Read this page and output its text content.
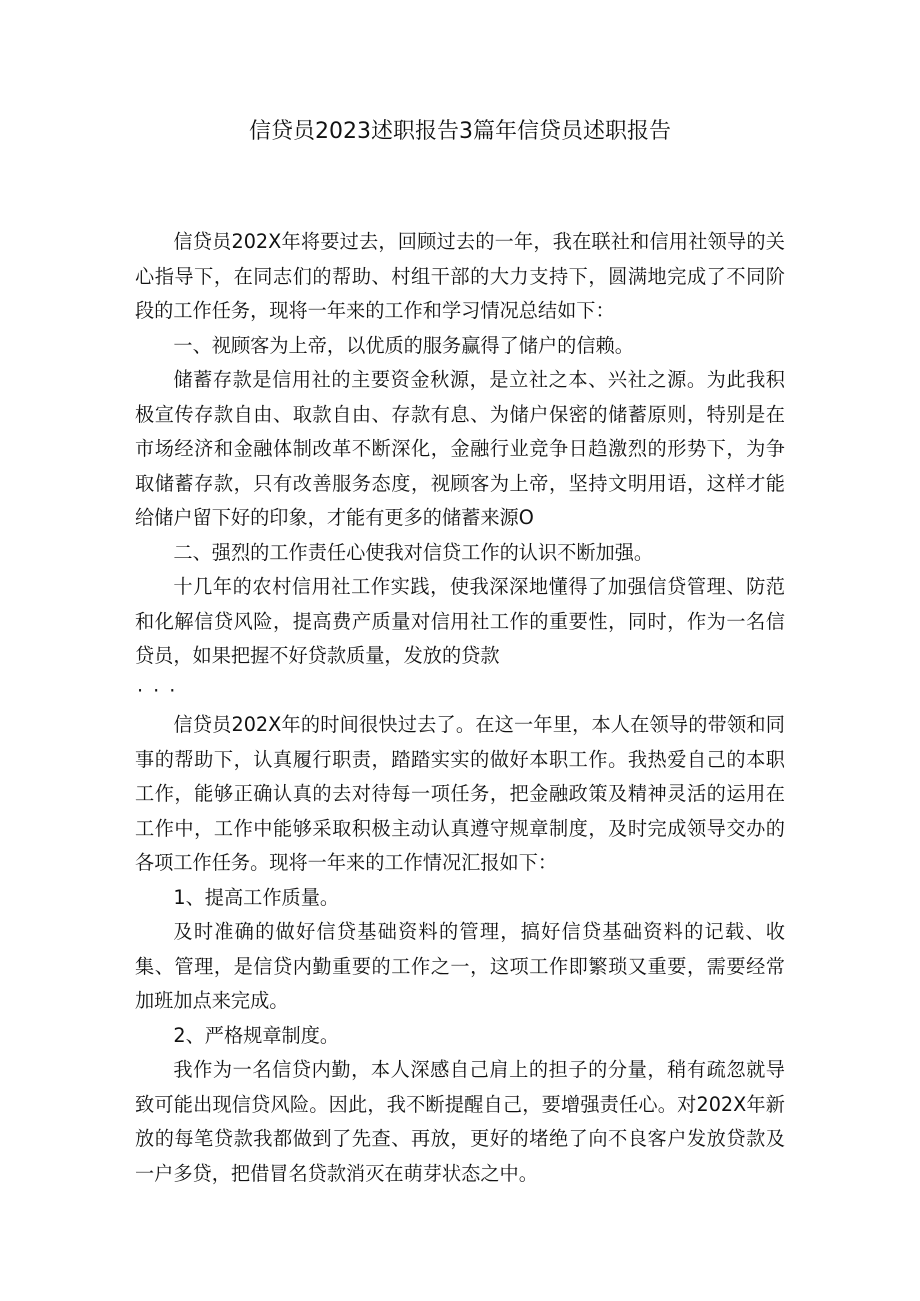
信贷员2023述职报告3篇年信贷员述职报告

信贷员202X年将要过去，回顾过去的一年，我在联社和信用社领导的关心指导下，在同志们的帮助、村组干部的大力支持下，圆满地完成了不同阶段的工作任务，现将一年来的工作和学习情况总结如下：

一、视顾客为上帝，以优质的服务赢得了储户的信赖。

储蓄存款是信用社的主要资金秋源，是立社之本、兴社之源。为此我积极宣传存款自由、取款自由、存款有息、为储户保密的储蓄原则，特别是在市场经济和金融体制改革不断深化，金融行业竞争日趋激烈的形势下，为争取储蓄存款，只有改善服务态度，视顾客为上帝，坚持文明用语，这样才能给储户留下好的印象，才能有更多的储蓄来源O

二、强烈的工作责任心使我对信贷工作的认识不断加强。

十几年的农村信用社工作实践，使我深深地懂得了加强信贷管理、防范和化解信贷风险，提高费产质量对信用社工作的重要性，同时，作为一名信贷员，如果把握不好贷款质量，发放的贷款

···

信贷员202X年的时间很快过去了。在这一年里，本人在领导的带领和同事的帮助下，认真履行职责，踏踏实实的做好本职工作。我热爱自己的本职工作，能够正确认真的去对待每一项任务，把金融政策及精神灵活的运用在工作中，工作中能够采取积极主动认真遵守规章制度，及时完成领导交办的各项工作任务。现将一年来的工作情况汇报如下：

1、提高工作质量。

及时准确的做好信贷基础资料的管理，搞好信贷基础资料的记载、收集、管理，是信贷内勤重要的工作之一，这项工作即繁琐又重要，需要经常加班加点来完成。

2、严格规章制度。

我作为一名信贷内勤，本人深感自己肩上的担子的分量，稍有疏忽就导致可能出现信贷风险。因此，我不断提醒自己，要增强责任心。对202X年新放的每笔贷款我都做到了先查、再放，更好的堵绝了向不良客户发放贷款及一户多贷，把借冒名贷款消灭在萌芽状态之中。
